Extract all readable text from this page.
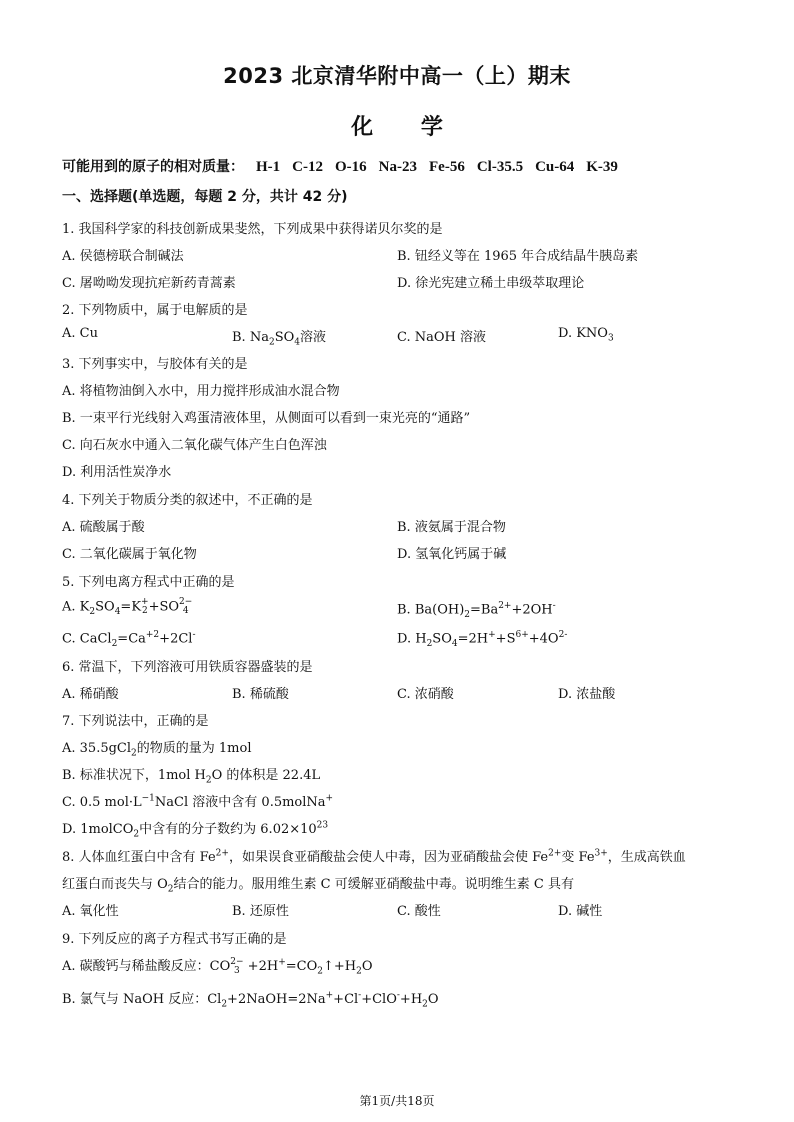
2023 北京清华附中高一（上）期末
化 学
可能用到的原子的相对质量： H-1 C-12 O-16 Na-23 Fe-56 Cl-35.5 Cu-64 K-39
一、选择题(单选题，每题 2 分，共计 42 分)
1. 我国科学家的科技创新成果斐然，下列成果中获得诺贝尔奖的是
A. 侯德榜联合制碱法	B. 钮经义等在 1965 年合成结晶牛胰岛素
C. 屠呦呦发现抗疟新药青蒿素	D. 徐光宪建立稀土串级萃取理论
2. 下列物质中，属于电解质的是
A. Cu	B. $Na_2SO_4$溶液	C. NaOH 溶液	D. $KNO_3$
3. 下列事实中，与胶体有关的是
A. 将植物油倒入水中，用力搅拌形成油水混合物
B. 一束平行光线射入鸡蛋清液体里，从侧面可以看到一束光亮的“通路”
C. 向石灰水中通入二氧化碳气体产生白色浑浊
D. 利用活性炭净水
4. 下列关于物质分类的叙述中，不正确的是
A. 硫酸属于酸	B. 液氨属于混合物
C. 二氧化碳属于氧化物	D. 氢氧化钙属于碱
5. 下列电离方程式中正确的是
A. $K_2SO_4=K+$
2+SO2−
4	B. $Ba(OH)_2=Ba^{2+}+2OH^-$
C. $CaCl_2=Ca^{+2}+2Cl^-$	D. $H_2SO_4=2H^++S^{6+}+4O^{2-}$
6. 常温下，下列溶液可用铁质容器盛装的是
A. 稀硝酸	B. 稀硫酸	C. 浓硝酸	D. 浓盐酸
7. 下列说法中，正确的是
A. 35.5gCl$_2$的物质的量为 1mol
B. 标准状况下，1mol $H_2O$ 的体积是 22.4L
C. 0.5 $mol\cdot L^{-1}NaCl$ 溶液中含有 0.5molNa+
D. 1molCO$_2$中含有的分子数约为 $6.02\times 10^{23}$
8. 人体血红蛋白中含有 $Fe^{2+}$，如果误食亚硝酸盐会使人中毒，因为亚硝酸盐会使 $Fe^{2+}$变 $Fe^{3+}$，生成高铁血
红蛋白而丧失与 $O_2$结合的能力。服用维生素 C 可缓解亚硝酸盐中毒。说明维生素 C 具有
A. 氧化性	B. 还原性	C. 酸性	D. 碱性
9. 下列反应的离子方程式书写正确的是
A. 碳酸钙与稀盐酸反应：CO2−
$3 +2H^+=CO_2↑+H_2O$
B. 氯气与 NaOH 反应：$Cl_2+2NaOH=2Na^++Cl^-+ClO^-+H_2O$
第1页/共18页
